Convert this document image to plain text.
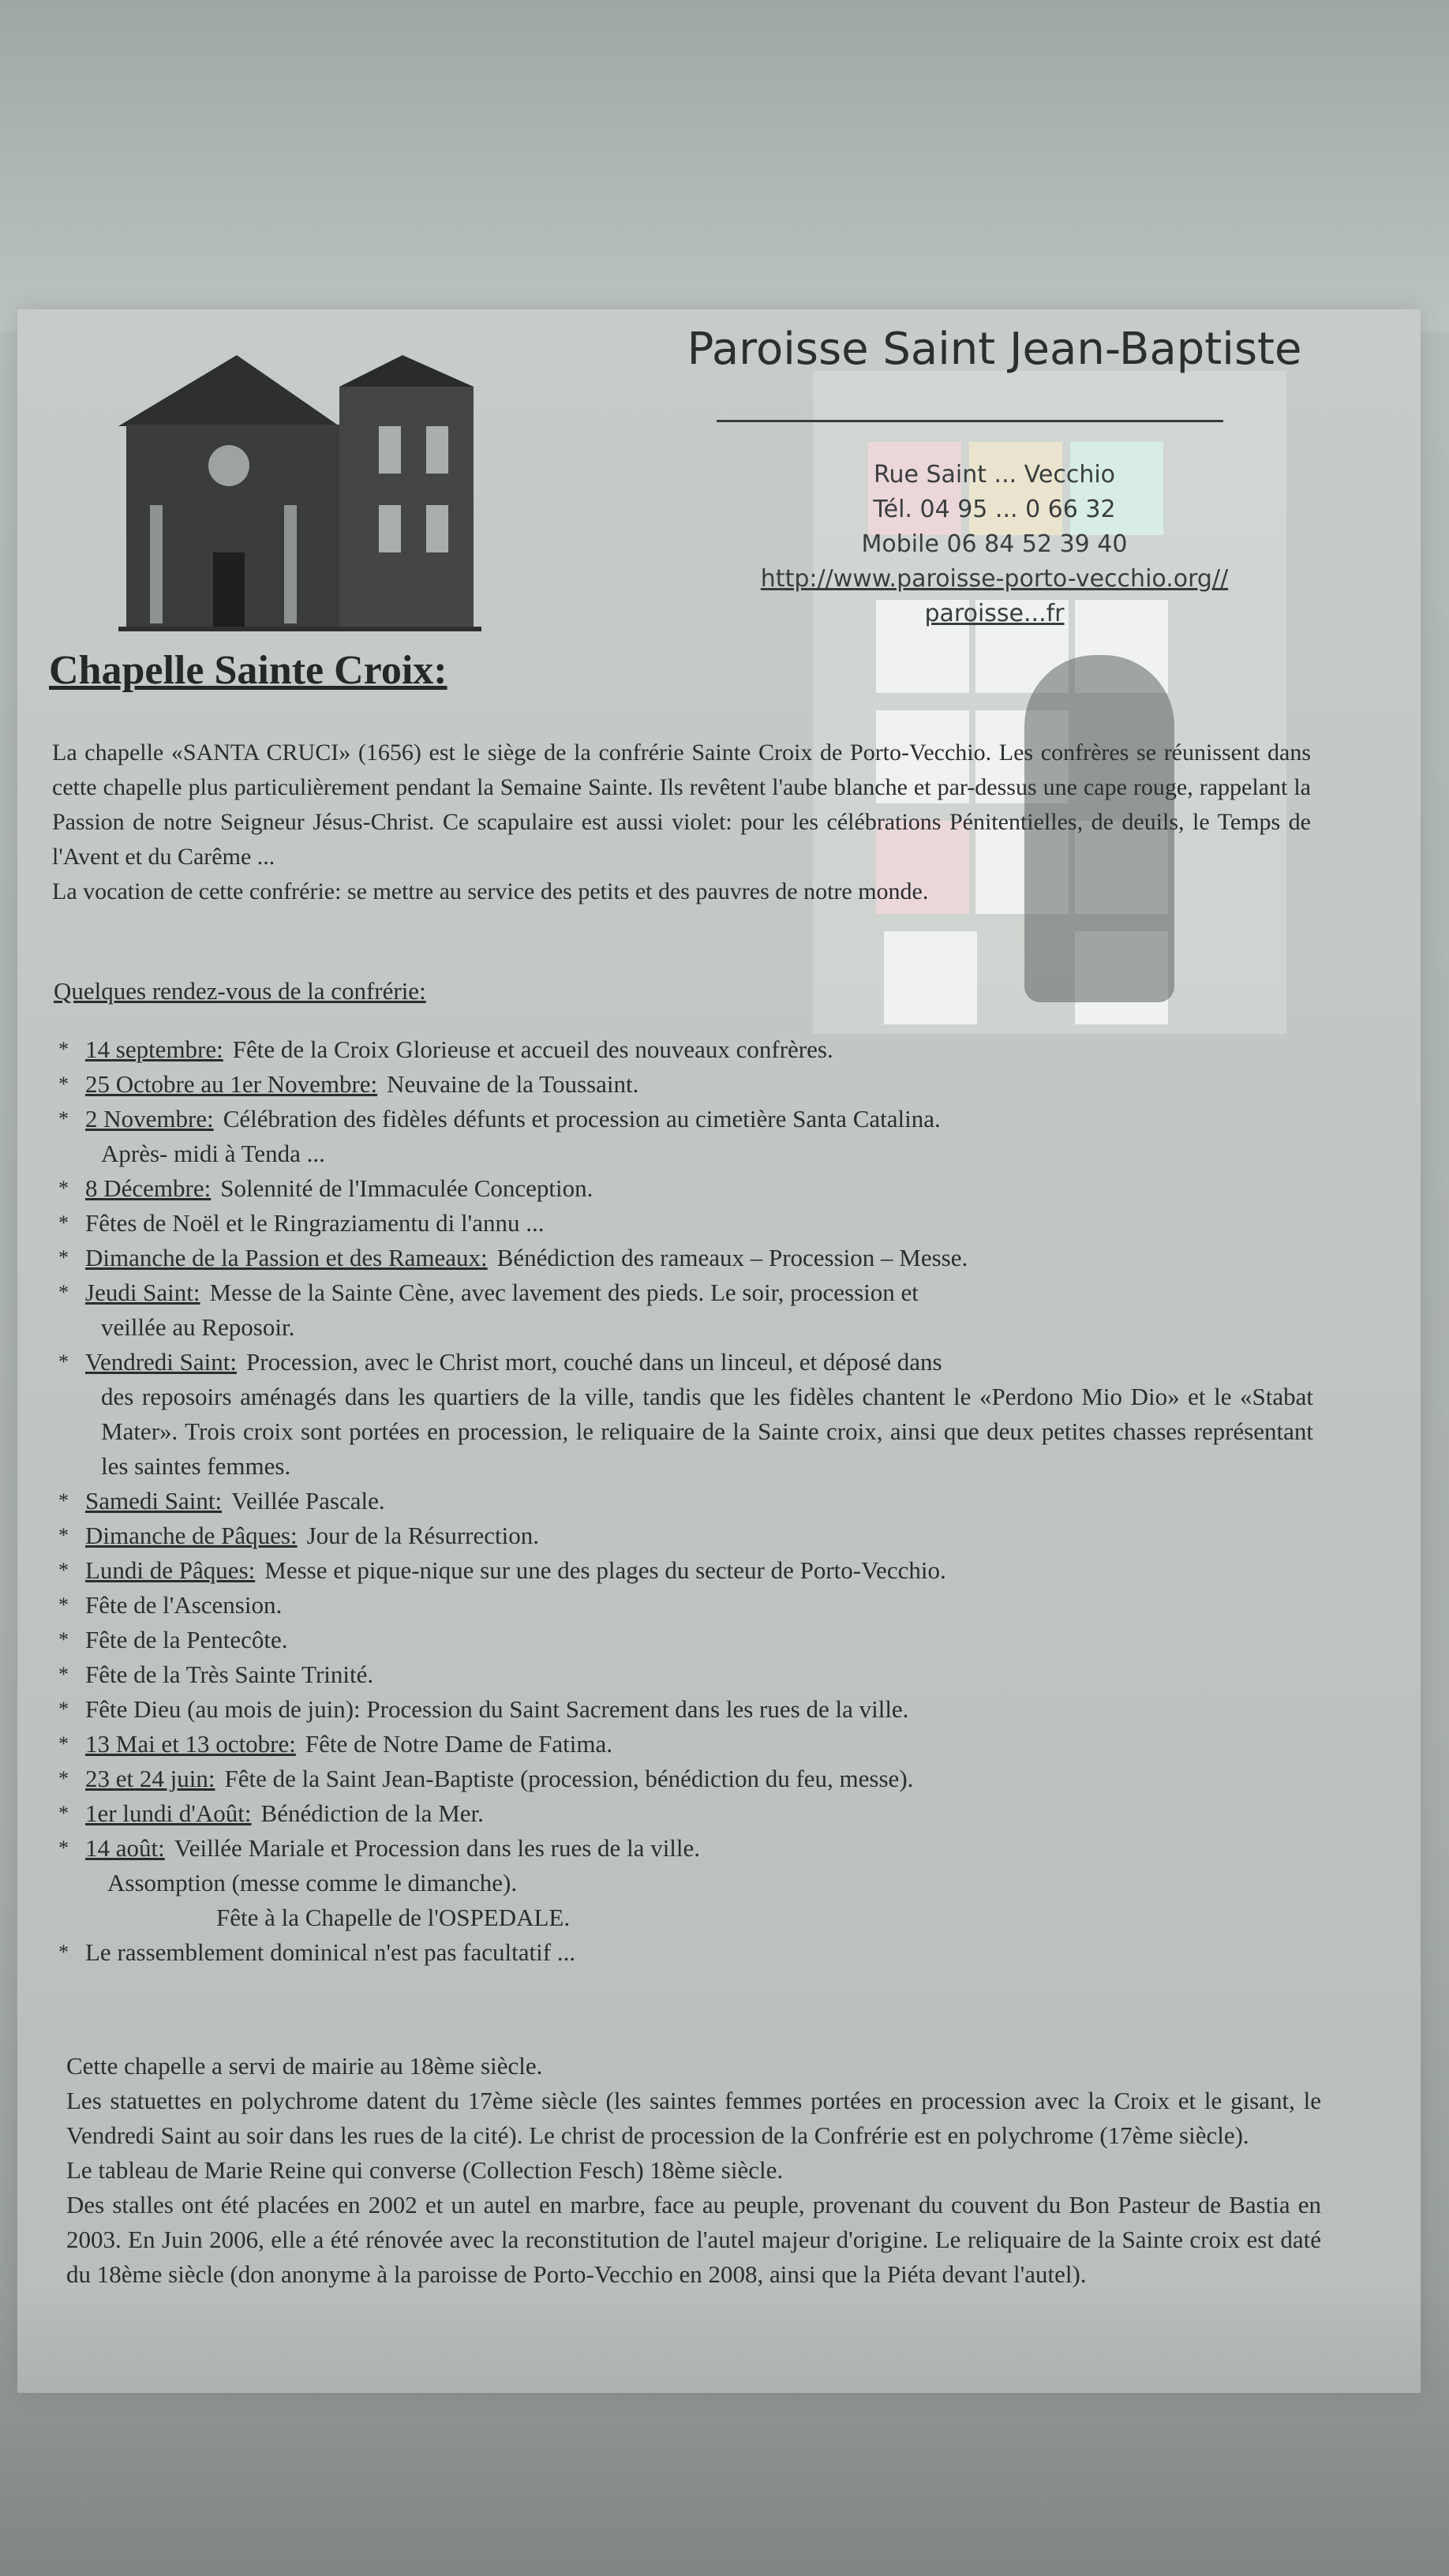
Paroisse Saint Jean-Baptiste
Rue Saint ... Vecchio
Tél. 04 95 ... 0 66 32
Mobile 06 84 52 39 40
http://www.paroisse-porto-vecchio.org//
paroisse...fr
Chapelle Sainte Croix:

La chapelle «SANTA CRUCI» (1656) est le siège de la confrérie Sainte Croix de Porto-Vecchio. Les confrères se réunissent dans cette chapelle plus particulièrement pendant la Semaine Sainte. Ils revêtent l'aube blanche et par-dessus une cape rouge, rappelant la Passion de notre Seigneur Jésus-Christ. Ce scapulaire est aussi violet: pour les célébrations Pénitentielles, de deuils, le Temps de l'Avent et du Carême ...

La vocation de cette confrérie: se mettre au service des petits et des pauvres de notre monde.

Quelques rendez-vous de la confrérie:
* 14 septembre: Fête de la Croix Glorieuse et accueil des nouveaux confrères.
* 25 Octobre au 1er Novembre: Neuvaine de la Toussaint.
* 2 Novembre: Célébration des fidèles défunts et procession au cimetière Santa Catalina.
Après- midi à Tenda ...
* 8 Décembre: Solennité de l'Immaculée Conception.
* Fêtes de Noël et le Ringraziamentu di l'annu ...
* Dimanche de la Passion et des Rameaux: Bénédiction des rameaux – Procession – Messe.
* Jeudi Saint: Messe de la Sainte Cène, avec lavement des pieds. Le soir, procession et
veillée au Reposoir.
* Vendredi Saint: Procession, avec le Christ mort, couché dans un linceul, et déposé dans
des reposoirs aménagés dans les quartiers de la ville, tandis que les fidèles chantent le «Perdono Mio Dio» et le «Stabat Mater». Trois croix sont portées en procession, le reliquaire de la Sainte croix, ainsi que deux petites chasses représentant les saintes femmes.
* Samedi Saint: Veillée Pascale.
* Dimanche de Pâques: Jour de la Résurrection.
* Lundi de Pâques: Messe et pique-nique sur une des plages du secteur de Porto-Vecchio.
* Fête de l'Ascension.
* Fête de la Pentecôte.
* Fête de la Très Sainte Trinité.
* Fête Dieu (au mois de juin): Procession du Saint Sacrement dans les rues de la ville.
* 13 Mai et 13 octobre: Fête de Notre Dame de Fatima.
* 23 et 24 juin: Fête de la Saint Jean-Baptiste (procession, bénédiction du feu, messe).
* 1er lundi d'Août: Bénédiction de la Mer.
* 14 août: Veillée Mariale et Procession dans les rues de la ville.
Assomption (messe comme le dimanche).
Fête à la Chapelle de l'OSPEDALE.
* Le rassemblement dominical n'est pas facultatif ...

Cette chapelle a servi de mairie au 18ème siècle.

Les statuettes en polychrome datent du 17ème siècle (les saintes femmes portées en procession avec la Croix et le gisant, le Vendredi Saint au soir dans les rues de la cité). Le christ de procession de la Confrérie est en polychrome (17ème siècle).

Le tableau de Marie Reine qui converse (Collection Fesch) 18ème siècle.

Des stalles ont été placées en 2002 et un autel en marbre, face au peuple, provenant du couvent du Bon Pasteur de Bastia en 2003. En Juin 2006, elle a été rénovée avec la reconstitution de l'autel majeur d'origine. Le reliquaire de la Sainte croix est daté du 18ème siècle (don anonyme à la paroisse de Porto-Vecchio en 2008, ainsi que la Piéta devant l'autel).
